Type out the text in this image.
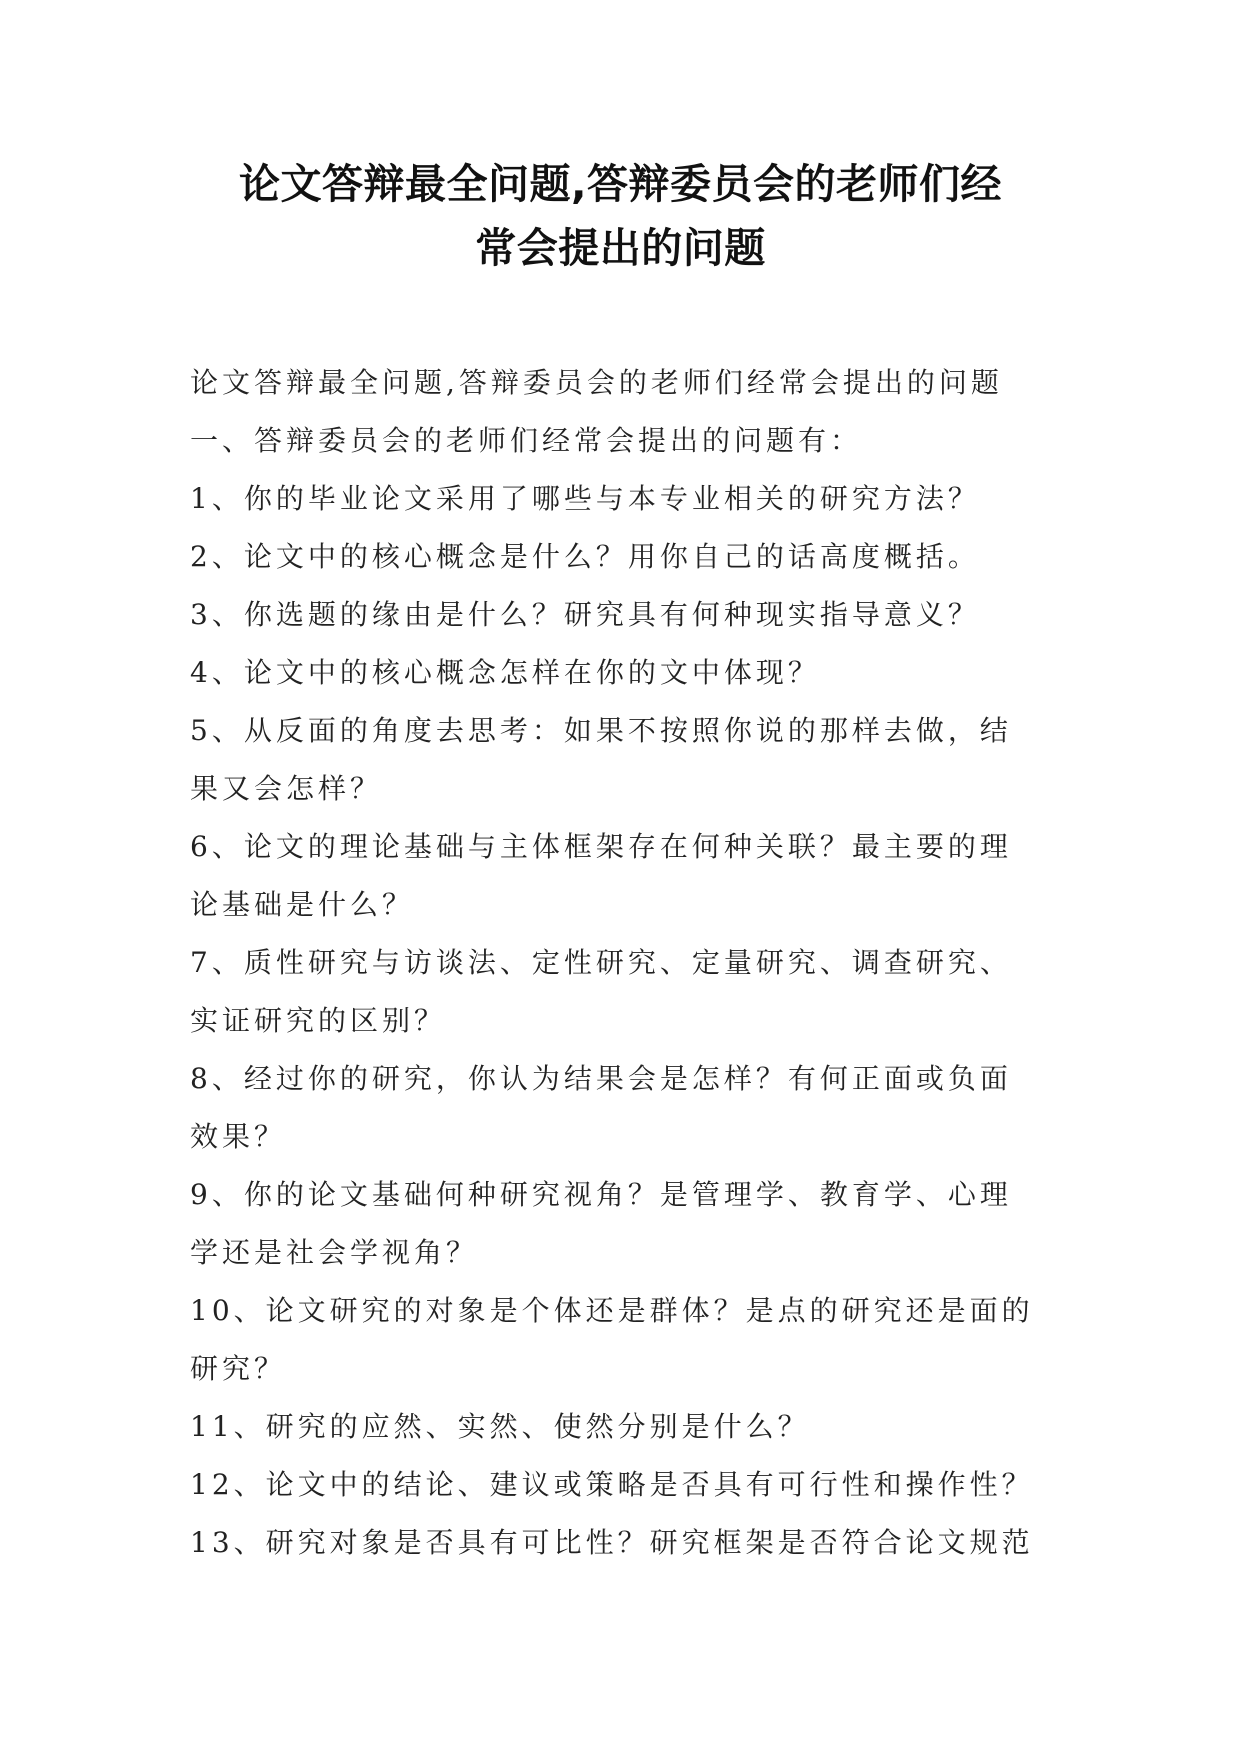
论文答辩最全问题,答辩委员会的老师们经
常会提出的问题
论文答辩最全问题,答辩委员会的老师们经常会提出的问题
一、答辩委员会的老师们经常会提出的问题有：
1、你的毕业论文采用了哪些与本专业相关的研究方法？
2、论文中的核心概念是什么？用你自己的话高度概括。
3、你选题的缘由是什么？研究具有何种现实指导意义？
4、论文中的核心概念怎样在你的文中体现？
5、从反面的角度去思考：如果不按照你说的那样去做，结
果又会怎样？
6、论文的理论基础与主体框架存在何种关联？最主要的理
论基础是什么？
7、质性研究与访谈法、定性研究、定量研究、调查研究、
实证研究的区别？
8、经过你的研究，你认为结果会是怎样？有何正面或负面
效果？
9、你的论文基础何种研究视角？是管理学、教育学、心理
学还是社会学视角？
10、论文研究的对象是个体还是群体？是点的研究还是面的
研究？
11、研究的应然、实然、使然分别是什么？
12、论文中的结论、建议或策略是否具有可行性和操作性？
13、研究对象是否具有可比性？研究框架是否符合论文规范
